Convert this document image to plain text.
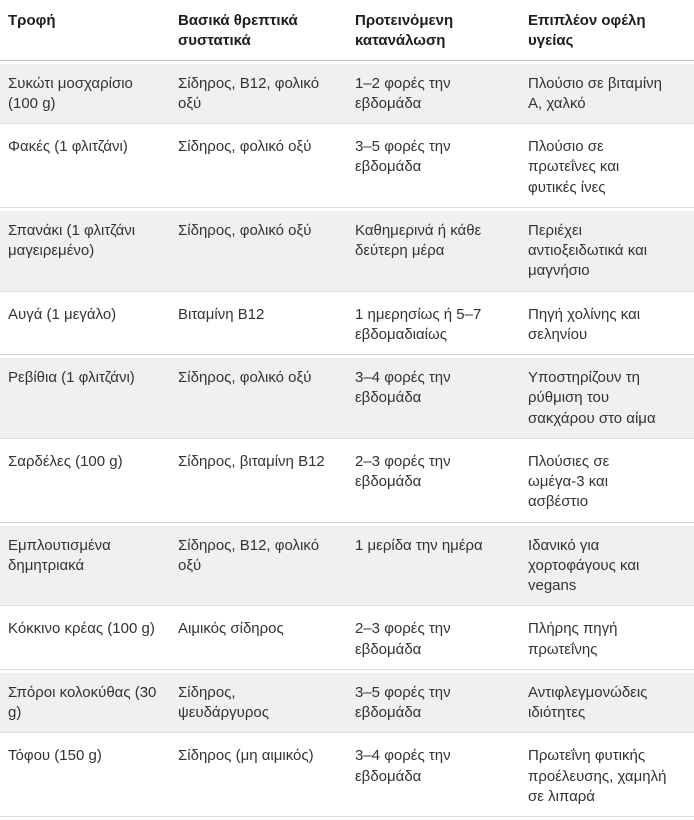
Τροφή	Βασικά θρεπτικά συστατικά	Προτεινόμενη κατανάλωση	Επιπλέον οφέλη υγείας
Συκώτι μοσχαρίσιο (100 g)	Σίδηρος, B12, φολικό οξύ	1–2 φορές την εβδομάδα	Πλούσιο σε βιταμίνη Α, χαλκό
Φακές (1 φλιτζάνι)	Σίδηρος, φολικό οξύ	3–5 φορές την εβδομάδα	Πλούσιο σε πρωτεΐνες και φυτικές ίνες
Σπανάκι (1 φλιτζάνι μαγειρεμένο)	Σίδηρος, φολικό οξύ	Καθημερινά ή κάθε δεύτερη μέρα	Περιέχει αντιοξειδωτικά και μαγνήσιο
Αυγά (1 μεγάλο)	Βιταμίνη B12	1 ημερησίως ή 5–7 εβδομαδιαίως	Πηγή χολίνης και σεληνίου
Ρεβίθια (1 φλιτζάνι)	Σίδηρος, φολικό οξύ	3–4 φορές την εβδομάδα	Υποστηρίζουν τη ρύθμιση του σακχάρου στο αίμα
Σαρδέλες (100 g)	Σίδηρος, βιταμίνη B12	2–3 φορές την εβδομάδα	Πλούσιες σε ωμέγα-3 και ασβέστιο
Εμπλουτισμένα δημητριακά	Σίδηρος, B12, φολικό οξύ	1 μερίδα την ημέρα	Ιδανικό για χορτοφάγους και vegans
Κόκκινο κρέας (100 g)	Αιμικός σίδηρος	2–3 φορές την εβδομάδα	Πλήρης πηγή πρωτεΐνης
Σπόροι κολοκύθας (30 g)	Σίδηρος, ψευδάργυρος	3–5 φορές την εβδομάδα	Αντιφλεγμονώδεις ιδιότητες
Τόφου (150 g)	Σίδηρος (μη αιμικός)	3–4 φορές την εβδομάδα	Πρωτεΐνη φυτικής προέλευσης, χαμηλή σε λιπαρά
